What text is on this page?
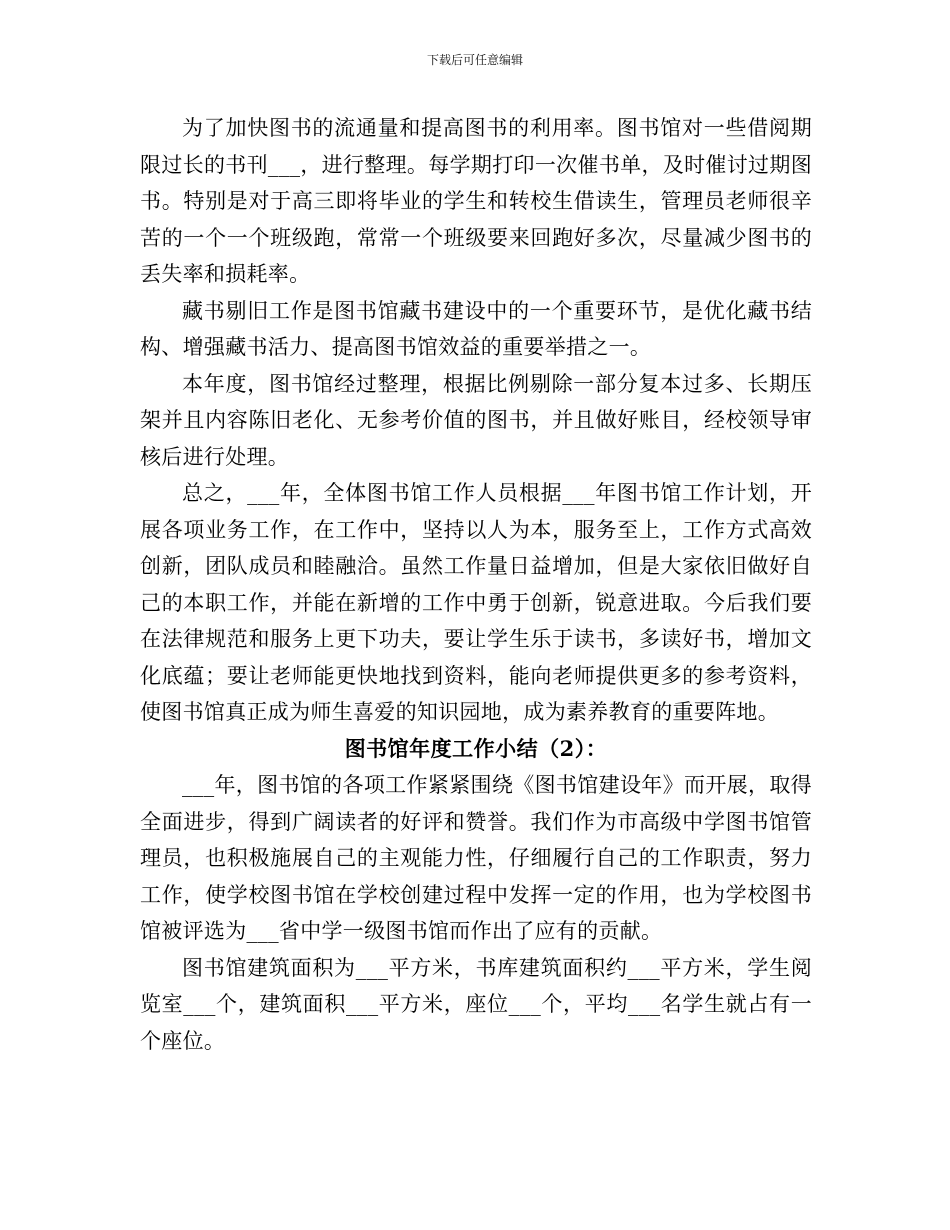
下载后可任意编辑

为了加快图书的流通量和提高图书的利用率。图书馆对一些借阅期限过长的书刊___，进行整理。每学期打印一次催书单，及时催讨过期图书。特别是对于高三即将毕业的学生和转校生借读生，管理员老师很辛苦的一个一个班级跑，常常一个班级要来回跑好多次，尽量减少图书的丢失率和损耗率。

藏书剔旧工作是图书馆藏书建设中的一个重要环节，是优化藏书结构、增强藏书活力、提高图书馆效益的重要举措之一。

本年度，图书馆经过整理，根据比例剔除一部分复本过多、长期压架并且内容陈旧老化、无参考价值的图书，并且做好账目，经校领导审核后进行处理。

总之，___年，全体图书馆工作人员根据___年图书馆工作计划，开展各项业务工作，在工作中，坚持以人为本，服务至上，工作方式高效创新，团队成员和睦融洽。虽然工作量日益增加，但是大家依旧做好自己的本职工作，并能在新增的工作中勇于创新，锐意进取。今后我们要在法律规范和服务上更下功夫，要让学生乐于读书，多读好书，增加文化底蕴；要让老师能更快地找到资料，能向老师提供更多的参考资料，使图书馆真正成为师生喜爱的知识园地，成为素养教育的重要阵地。

图书馆年度工作小结（2）：

___年，图书馆的各项工作紧紧围绕《图书馆建设年》而开展，取得全面进步，得到广阔读者的好评和赞誉。我们作为市高级中学图书馆管理员，也积极施展自己的主观能力性，仔细履行自己的工作职责，努力工作，使学校图书馆在学校创建过程中发挥一定的作用，也为学校图书馆被评选为___省中学一级图书馆而作出了应有的贡献。

图书馆建筑面积为___平方米，书库建筑面积约___平方米，学生阅览室___个，建筑面积___平方米，座位___个，平均___名学生就占有一个座位。
